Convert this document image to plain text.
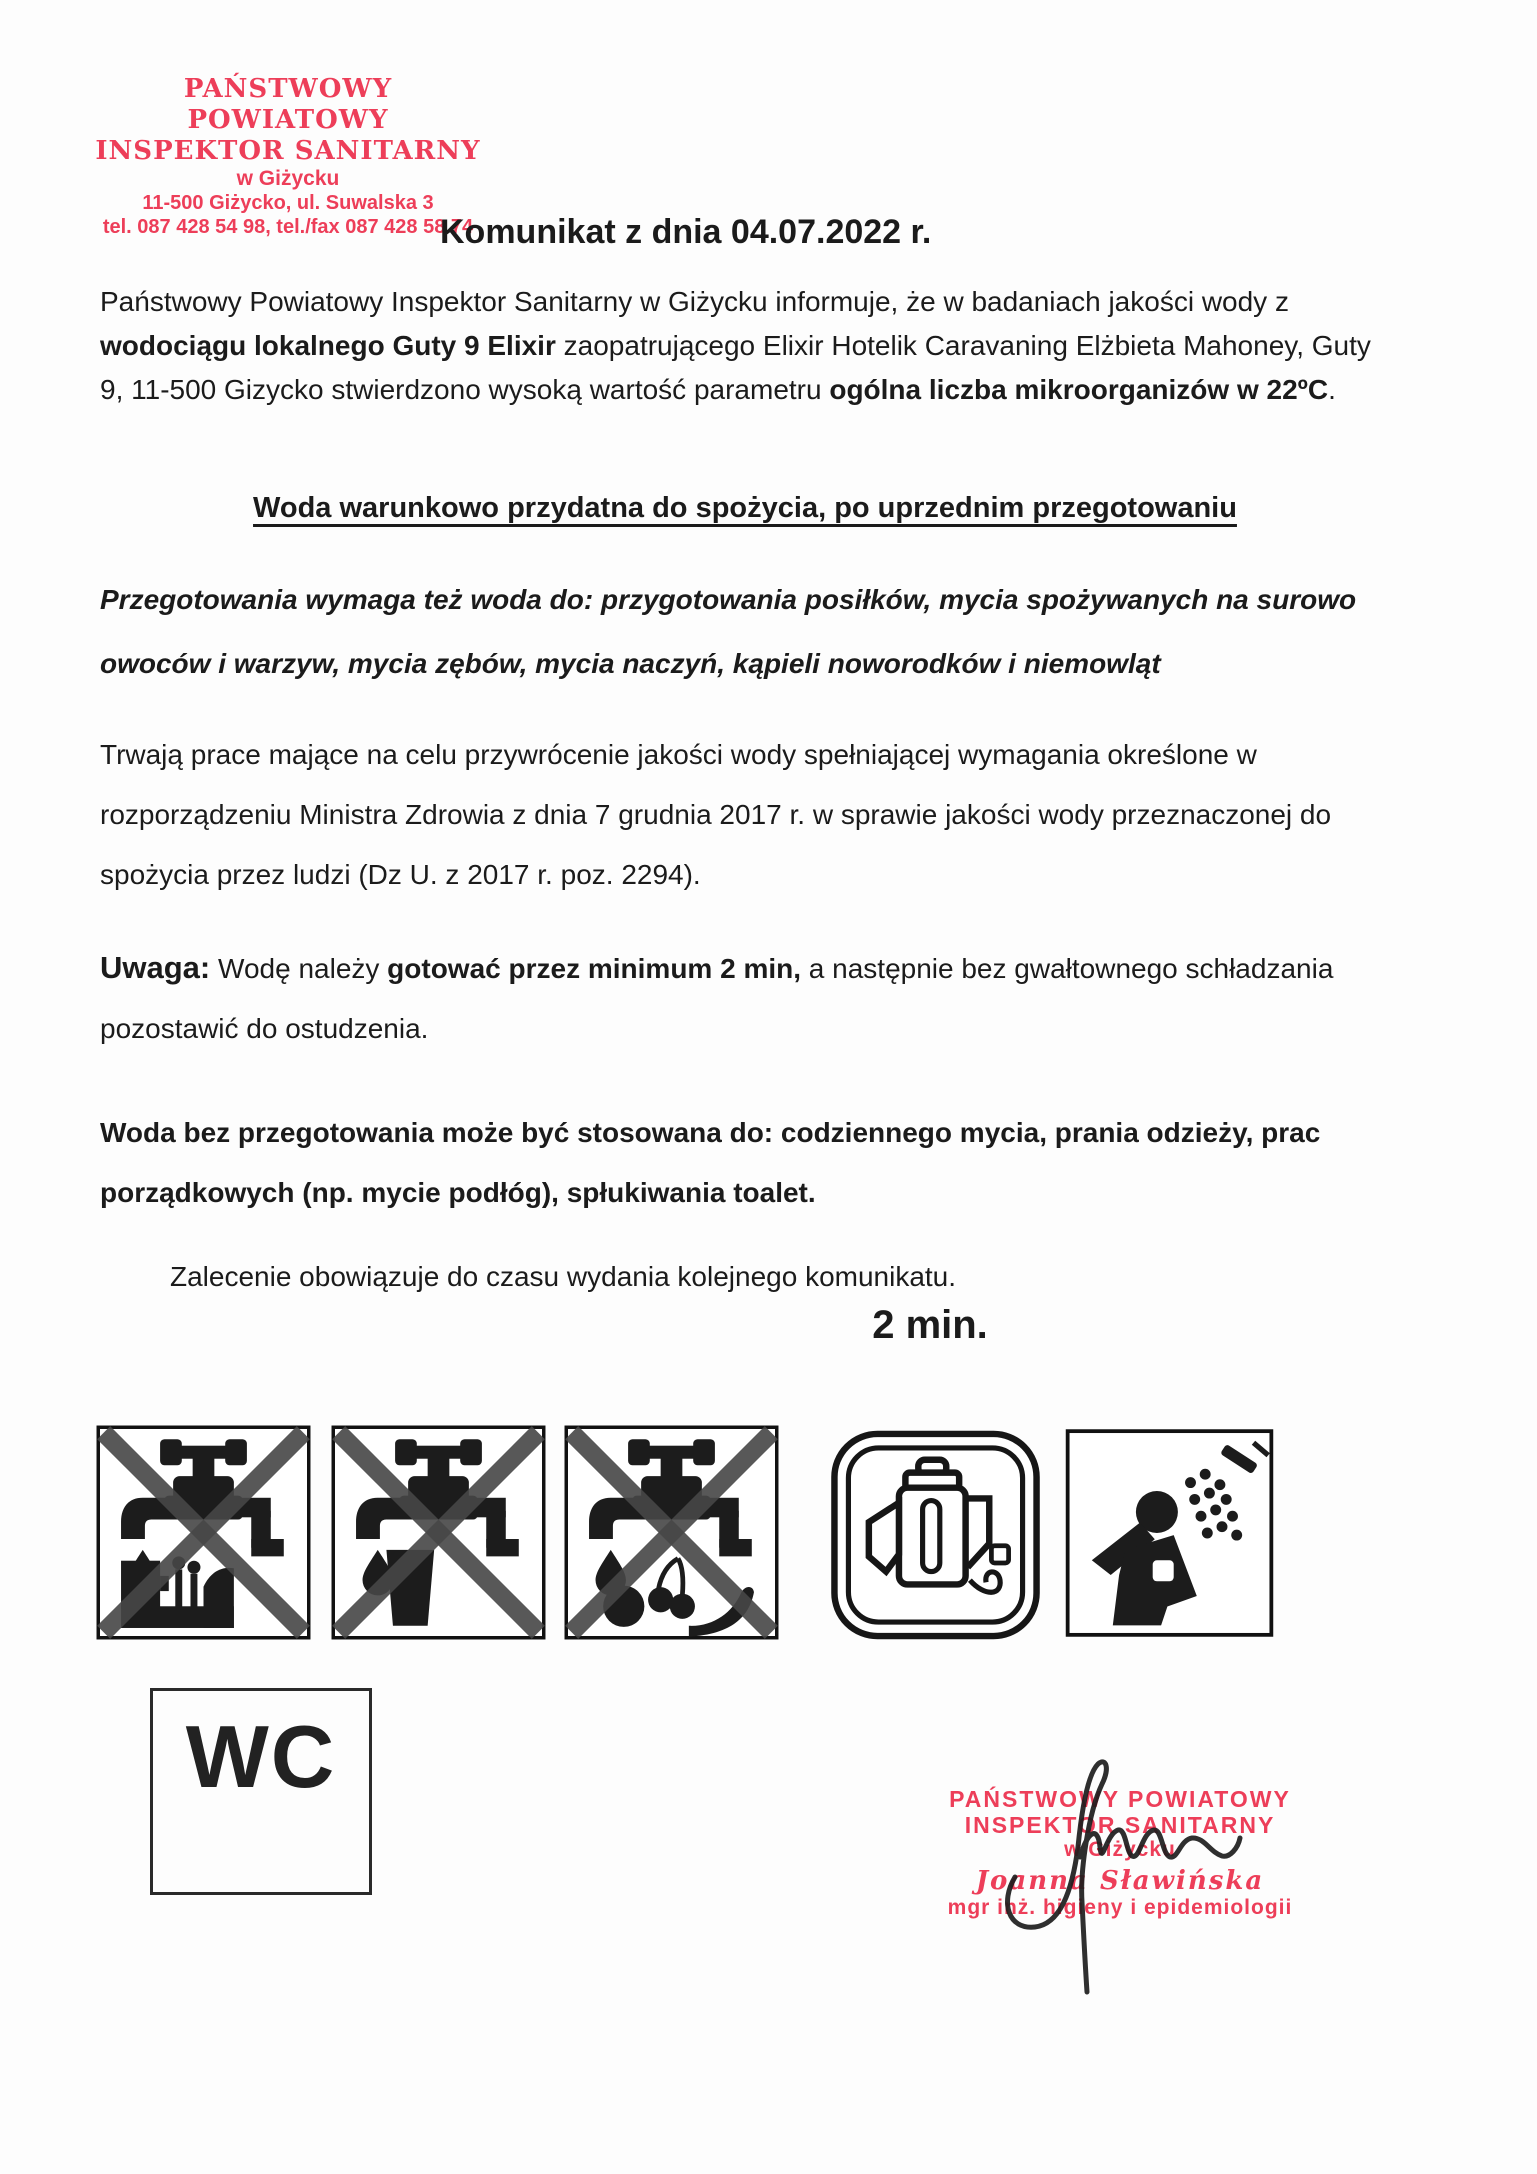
PAŃSTWOWY POWIATOWY
INSPEKTOR SANITARNY
w Giżycku
11-500 Giżycko, ul. Suwalska 3
tel. 087 428 54 98, tel./fax 087 428 58 74
Komunikat z dnia 04.07.2022 r.

Państwowy Powiatowy Inspektor Sanitarny w Giżycku informuje, że w badaniach jakości wody z wodociągu lokalnego Guty 9 Elixir zaopatrującego Elixir Hotelik Caravaning Elżbieta Mahoney, Guty 9, 11-500 Gizycko stwierdzono wysoką wartość parametru ogólna liczba mikroorganizów w 22ºC.

Woda warunkowo przydatna do spożycia, po uprzednim przegotowaniu

Przegotowania wymaga też woda do: przygotowania posiłków, mycia spożywanych na surowo owoców i warzyw, mycia zębów, mycia naczyń, kąpieli noworodków i niemowląt

Trwają prace mające na celu przywrócenie jakości wody spełniającej wymagania określone w rozporządzeniu Ministra Zdrowia z dnia 7 grudnia 2017 r. w sprawie jakości wody przeznaczonej do spożycia przez ludzi (Dz U. z 2017 r. poz. 2294).

Uwaga: Wodę należy gotować przez minimum 2 min, a następnie bez gwałtownego schładzania pozostawić do ostudzenia.

Woda bez przegotowania może być stosowana do: codziennego mycia, prania odzieży, prac porządkowych (np. mycie podłóg), spłukiwania toalet.

Zalecenie obowiązuje do czasu wydania kolejnego komunikatu.

2 min.
WC	PAŃSTWOWY POWIATOWY
INSPEKTOR SANITARNY
w Giżycku
Joanna Sławińska
mgr inż. higieny i epidemiologii
